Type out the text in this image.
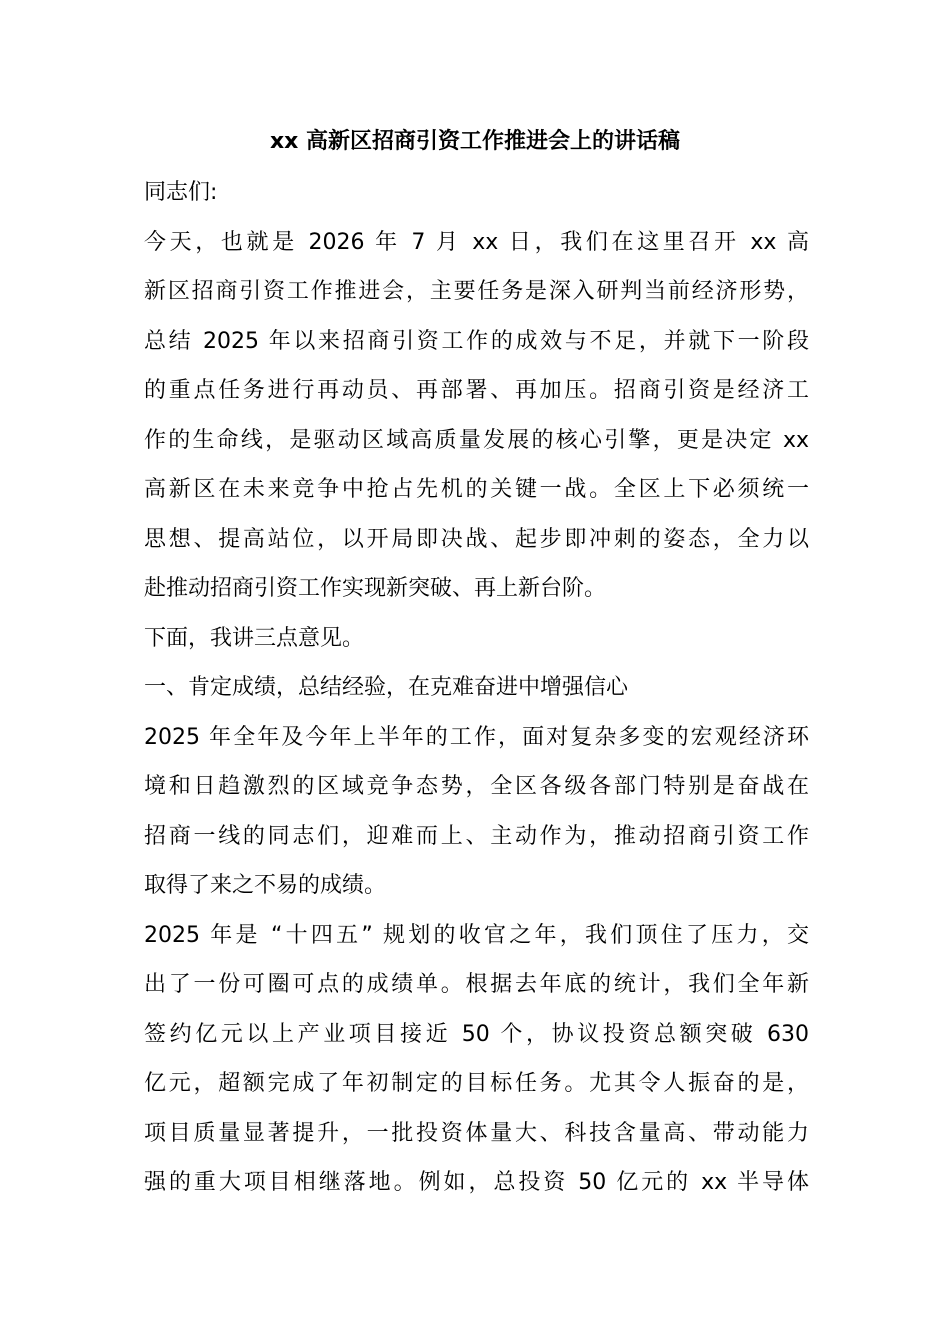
xx 高新区招商引资工作推进会上的讲话稿
同志们:
今天，也就是 2026 年 7 月 xx 日，我们在这里召开 xx 高
新区招商引资工作推进会，主要任务是深入研判当前经济形势，
总结 2025 年以来招商引资工作的成效与不足，并就下一阶段
的重点任务进行再动员、再部署、再加压。招商引资是经济工
作的生命线，是驱动区域高质量发展的核心引擎，更是决定 xx
高新区在未来竞争中抢占先机的关键一战。全区上下必须统一
思想、提高站位，以开局即决战、起步即冲刺的姿态，全力以
赴推动招商引资工作实现新突破、再上新台阶。
下面，我讲三点意见。
一、肯定成绩，总结经验，在克难奋进中增强信心
2025 年全年及今年上半年的工作，面对复杂多变的宏观经济环
境和日趋激烈的区域竞争态势，全区各级各部门特别是奋战在
招商一线的同志们，迎难而上、主动作为，推动招商引资工作
取得了来之不易的成绩。
2025 年是 “十四五” 规划的收官之年，我们顶住了压力，交
出了一份可圈可点的成绩单。根据去年底的统计，我们全年新
签约亿元以上产业项目接近 50 个，协议投资总额突破 630
亿元，超额完成了年初制定的目标任务。尤其令人振奋的是，
项目质量显著提升，一批投资体量大、科技含量高、带动能力
强的重大项目相继落地。例如，总投资 50 亿元的 xx 半导体
